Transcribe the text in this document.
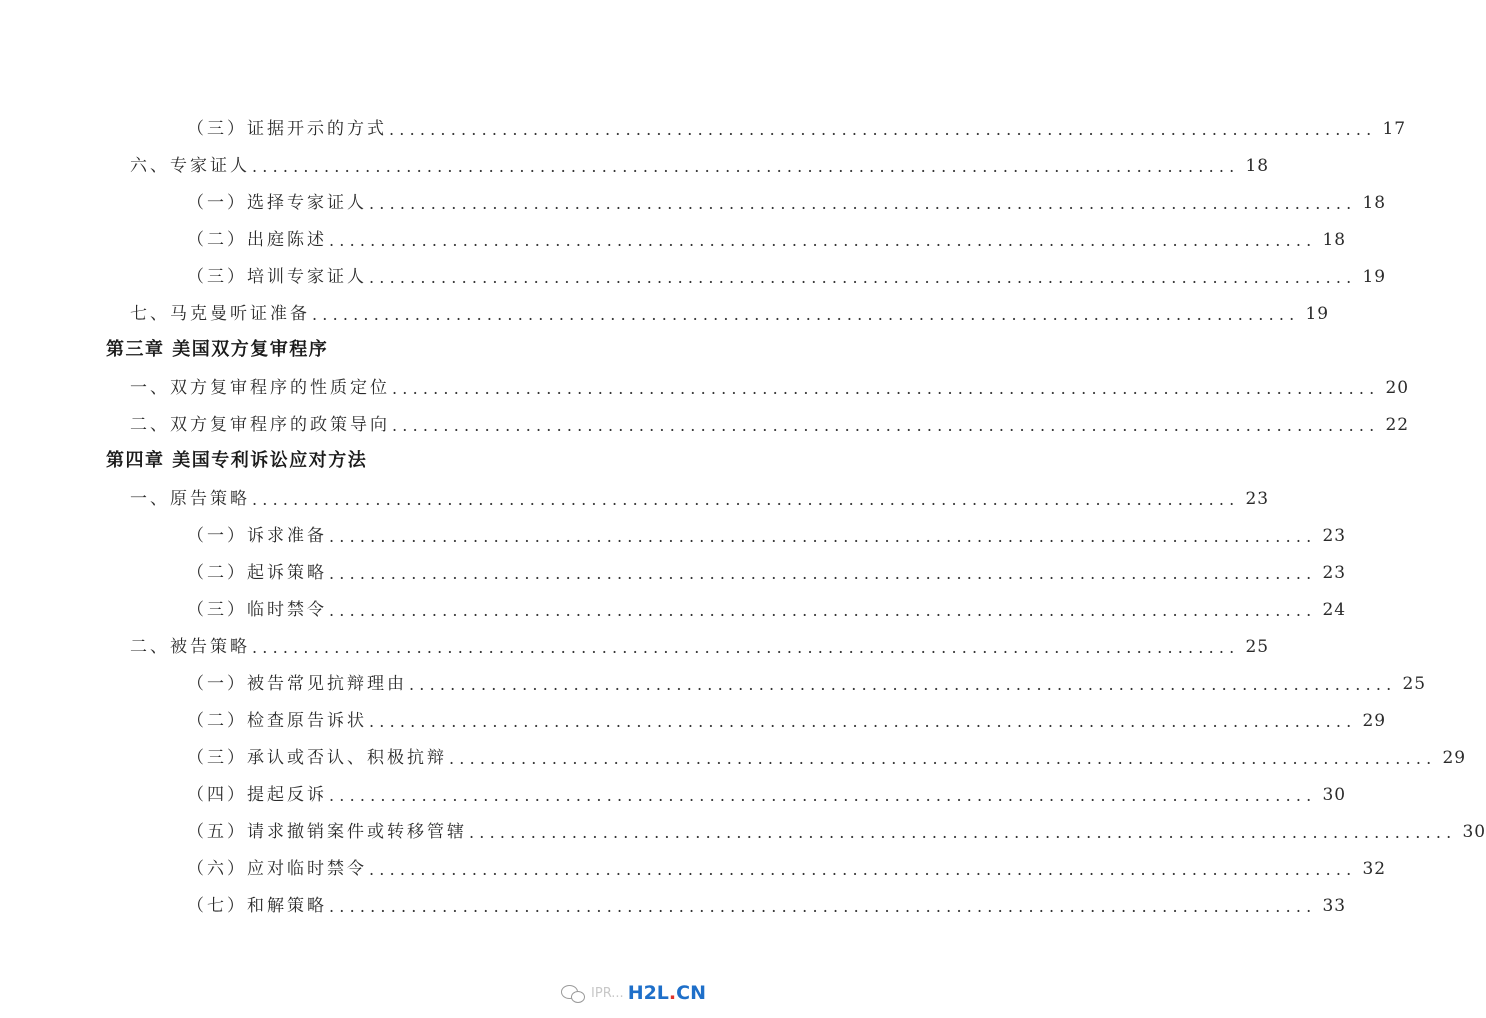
（三）证据开示的方式 ................................................................................................ 17
六、专家证人 ................................................................................................ 18
（一）选择专家证人 ................................................................................................ 18
（二）出庭陈述 ................................................................................................ 18
（三）培训专家证人 ................................................................................................ 19
七、马克曼听证准备 ................................................................................................ 19
第三章 美国双方复审程序
一、双方复审程序的性质定位 ................................................................................................ 20
二、双方复审程序的政策导向 ................................................................................................ 22
第四章 美国专利诉讼应对方法
一、原告策略 ................................................................................................ 23
（一）诉求准备 ................................................................................................ 23
（二）起诉策略 ................................................................................................ 23
（三）临时禁令 ................................................................................................ 24
二、被告策略 ................................................................................................ 25
（一）被告常见抗辩理由 ................................................................................................ 25
（二）检查原告诉状 ................................................................................................ 29
（三）承认或否认、积极抗辩 ................................................................................................ 29
（四）提起反诉 ................................................................................................ 30
（五）请求撤销案件或转移管辖 ................................................................................................ 30
（六）应对临时禁令 ................................................................................................ 32
（七）和解策略 ................................................................................................ 33
IPR... H2L.CN
